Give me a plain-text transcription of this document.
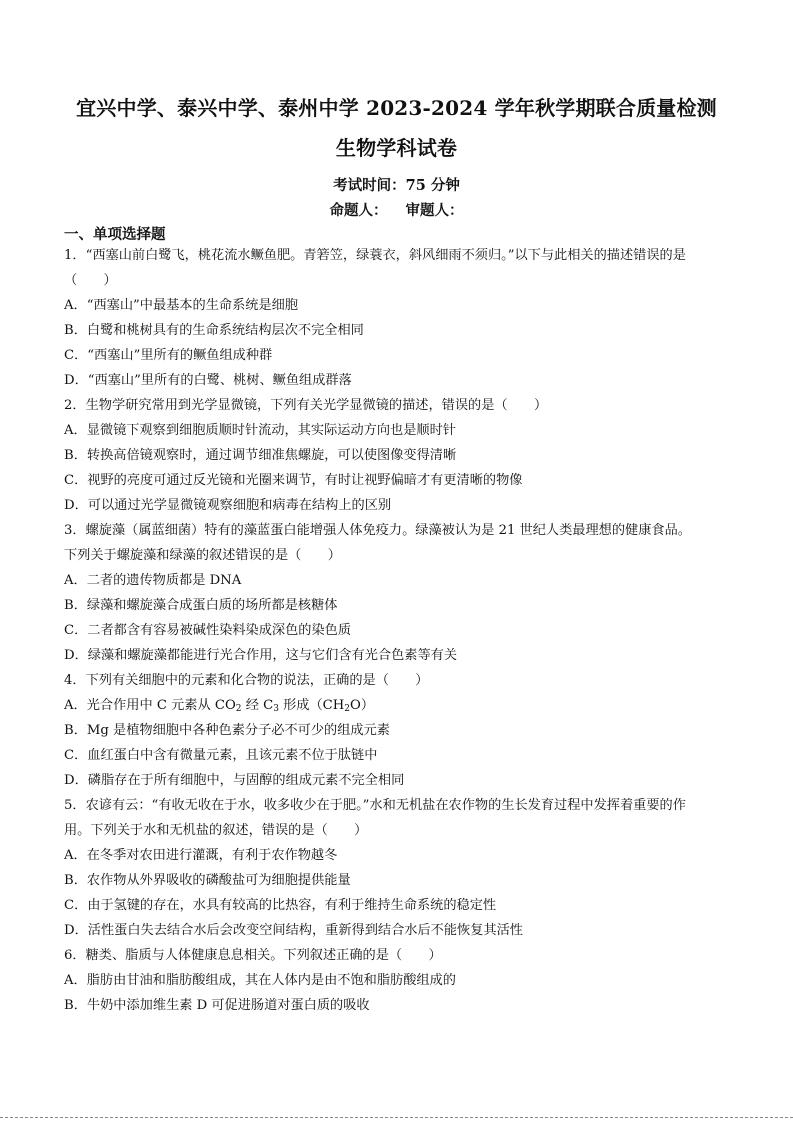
宜兴中学、泰兴中学、泰州中学 2023-2024 学年秋学期联合质量检测
生物学科试卷
考试时间：75 分钟
命题人： 审题人：
一、单项选择题
1．“西塞山前白鹭飞，桃花流水鳜鱼肥。青箬笠，绿蓑衣，斜风细雨不须归。”以下与此相关的描述错误的是
（　　）
A．“西塞山”中最基本的生命系统是细胞
B．白鹭和桃树具有的生命系统结构层次不完全相同
C．“西塞山”里所有的鳜鱼组成种群
D．“西塞山”里所有的白鹭、桃树、鳜鱼组成群落
2．生物学研究常用到光学显微镜，下列有关光学显微镜的描述，错误的是（　　）
A．显微镜下观察到细胞质顺时针流动，其实际运动方向也是顺时针
B．转换高倍镜观察时，通过调节细准焦螺旋，可以使图像变得清晰
C．视野的亮度可通过反光镜和光圈来调节，有时让视野偏暗才有更清晰的物像
D．可以通过光学显微镜观察细胞和病毒在结构上的区别
3．螺旋藻（属蓝细菌）特有的藻蓝蛋白能增强人体免疫力。绿藻被认为是 21 世纪人类最理想的健康食品。
下列关于螺旋藻和绿藻的叙述错误的是（　　）
A．二者的遗传物质都是 DNA
B．绿藻和螺旋藻合成蛋白质的场所都是核糖体
C．二者都含有容易被碱性染料染成深色的染色质
D．绿藻和螺旋藻都能进行光合作用，这与它们含有光合色素等有关
4．下列有关细胞中的元素和化合物的说法，正确的是（　　）
A．光合作用中 C 元素从 $CO_2$ 经 $C_3$ 形成$(CH_2O)$
B．Mg 是植物细胞中各种色素分子必不可少的组成元素
C．血红蛋白中含有微量元素，且该元素不位于肽链中
D．磷脂存在于所有细胞中，与固醇的组成元素不完全相同
5．农谚有云：“有收无收在于水，收多收少在于肥。”水和无机盐在农作物的生长发育过程中发挥着重要的作
用。下列关于水和无机盐的叙述，错误的是（　　）
A．在冬季对农田进行灌溉，有利于农作物越冬
B．农作物从外界吸收的磷酸盐可为细胞提供能量
C．由于氢键的存在，水具有较高的比热容，有利于维持生命系统的稳定性
D．活性蛋白失去结合水后会改变空间结构，重新得到结合水后不能恢复其活性
6．糖类、脂质与人体健康息息相关。下列叙述正确的是（　　）
A．脂肪由甘油和脂肪酸组成，其在人体内是由不饱和脂肪酸组成的
B．牛奶中添加维生素 D 可促进肠道对蛋白质的吸收
